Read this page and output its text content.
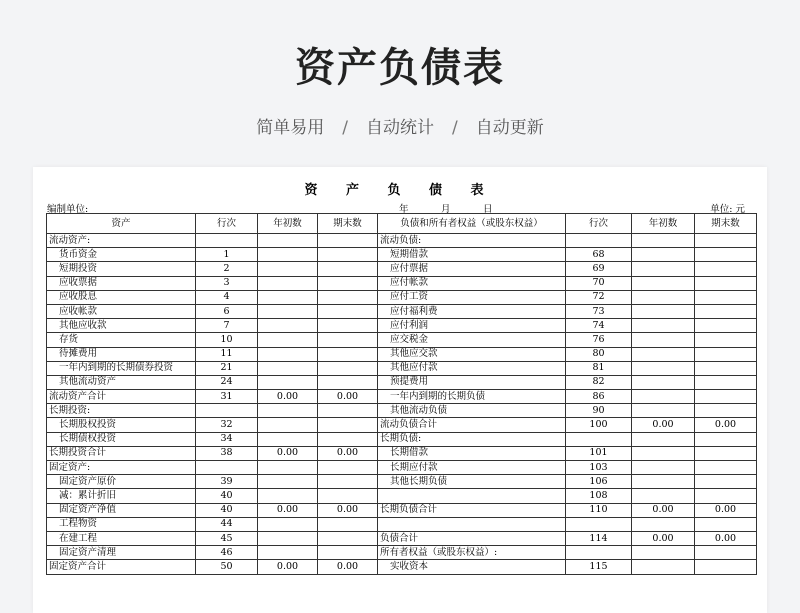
资产负债表
简单易用 / 自动统计 / 自动更新
资 产 负 债 表
编制单位:	年	月	日	单位: 元
资产	行次	年初数	期末数	负债和所有者权益（或股东权益）	行次	年初数	期末数
流动资产:				流动负债:			
货币资金	1			短期借款	68		
短期投资	2			应付票据	69		
应收票据	3			应付帐款	70		
应收股息	4			应付工资	72		
应收帐款	6			应付福利费	73		
其他应收款	7			应付利润	74		
存货	10			应交税金	76		
待摊费用	11			其他应交款	80		
一年内到期的长期债券投资	21			其他应付款	81		
其他流动资产	24			预提费用	82		
流动资产合计	31	0.00	0.00	一年内到期的长期负债	86		
长期投资:				其他流动负债	90		
长期股权投资	32			流动负债合计	100	0.00	0.00
长期债权投资	34			长期负债:			
长期投资合计	38	0.00	0.00	长期借款	101		
固定资产:				长期应付款	103		
固定资产原价	39			其他长期负债	106		
减：累计折旧	40				108		
固定资产净值	40	0.00	0.00	长期负债合计	110	0.00	0.00
工程物资	44						
在建工程	45			负债合计	114	0.00	0.00
固定资产清理	46			所有者权益（或股东权益）:			
固定资产合计	50	0.00	0.00	实收资本	115		
